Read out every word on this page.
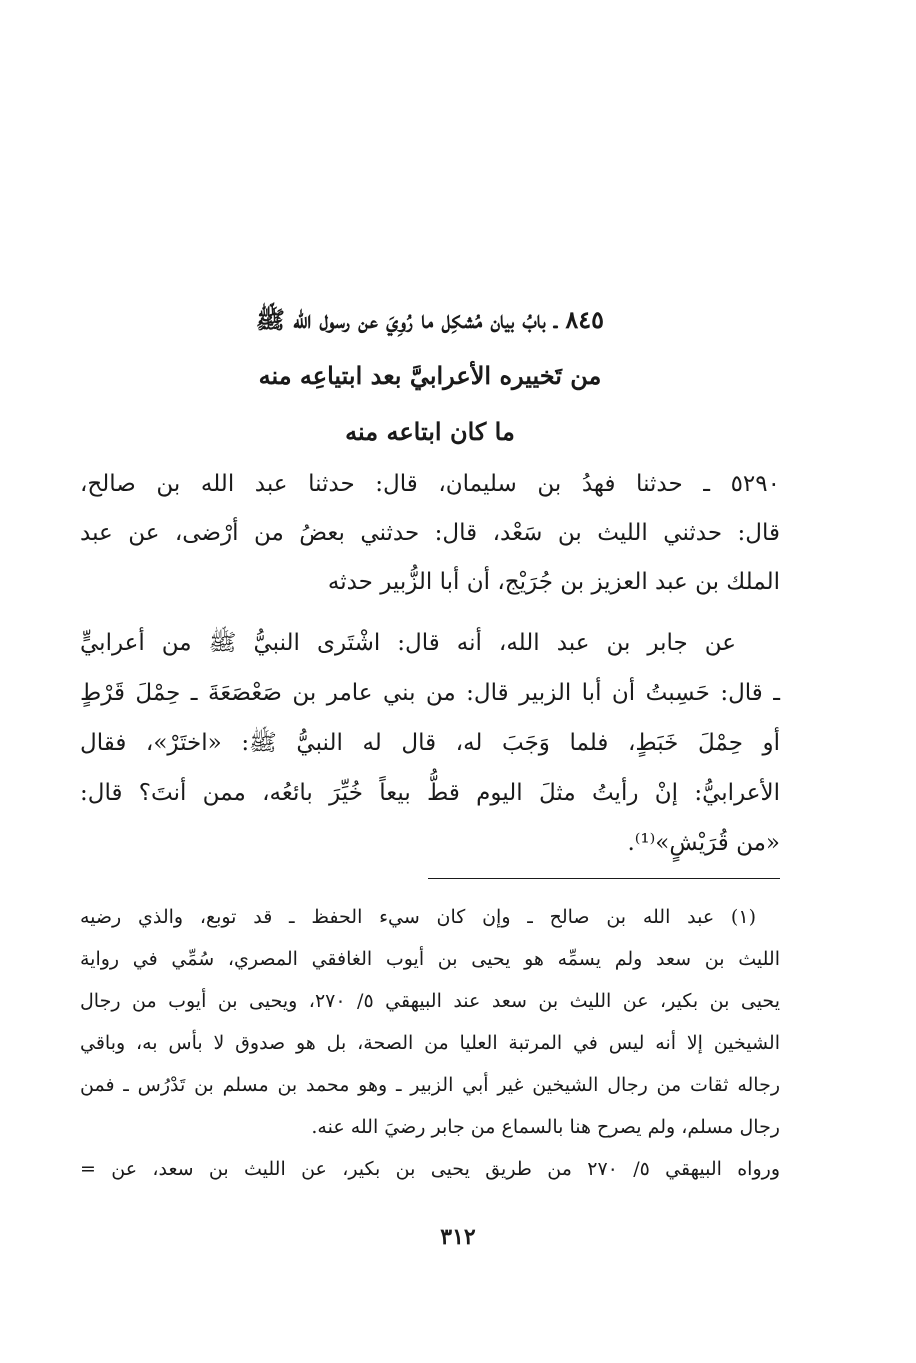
٨٤٥ ـ بابُ بيان مُشكِل ما رُوِيَ عن رسول الله ﷺ
من تَخييره الأعرابيَّ بعد ابتياعِه منه
ما كان ابتاعه منه
٥٢٩٠ ـ حدثنا فهدُ بن سليمان، قال: حدثنا عبد الله بن صالح،
قال: حدثني الليث بن سَعْد، قال: حدثني بعضُ من أرْضى، عن عبد
الملك بن عبد العزيز بن جُرَيْج، أن أبا الزُّبير حدثه
عن جابر بن عبد الله، أنه قال: اشْتَرى النبيُّ ﷺ من أعرابيٍّ
ـ قال: حَسِبتُ أن أبا الزبير قال: من بني عامر بن صَعْصَعَةَ ـ حِمْلَ قَرْطٍ
أو حِمْلَ خَبَطٍ، فلما وَجَبَ له، قال له النبيُّ ﷺ: «اختَرْ»، فقال
الأعرابيُّ: إنْ رأيتُ مثلَ اليوم قطُّ بيعاً خُيِّرَ بائعُه، ممن أنتَ؟ قال:
«من قُرَيْشٍ»⁽¹⁾.
(١) عبد الله بن صالح ـ وإن كان سيء الحفظ ـ قد توبع، والذي رضيه
الليث بن سعد ولم يسمِّه هو يحيى بن أيوب الغافقي المصري، سُمِّي في رواية
يحيى بن بكير، عن الليث بن سعد عند البيهقي ٥/ ٢٧٠، ويحيى بن أيوب من رجال
الشيخين إلا أنه ليس في المرتبة العليا من الصحة، بل هو صدوق لا بأس به، وباقي
رجاله ثقات من رجال الشيخين غير أبي الزبير ـ وهو محمد بن مسلم بن تَدْرُس ـ فمن
رجال مسلم، ولم يصرح هنا بالسماع من جابر رضيَ الله عنه.
ورواه البيهقي ٥/ ٢٧٠ من طريق يحيى بن بكير، عن الليث بن سعد، عن =
٣١٢
